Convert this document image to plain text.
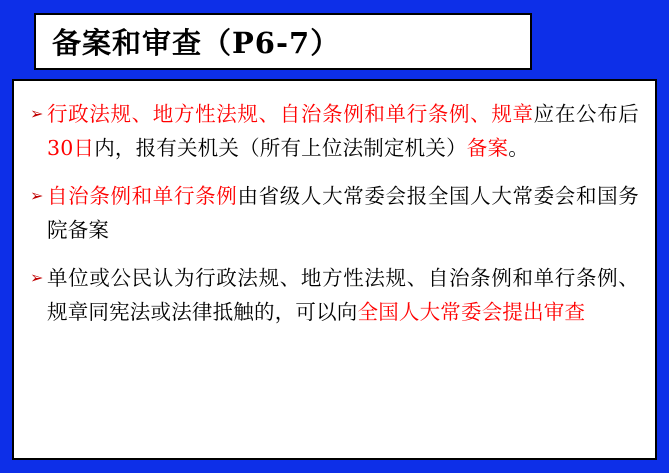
备案和审查（P6-7）
➢ 行政法规、地方性法规、自治条例和单行条例、规章应在公布后30日内，报有关机关（所有上位法制定机关）备案。
➢ 自治条例和单行条例由省级人大常委会报全国人大常委会和国务院备案
➢ 单位或公民认为行政法规、地方性法规、自治条例和单行条例、规章同宪法或法律抵触的，可以向全国人大常委会提出审查
